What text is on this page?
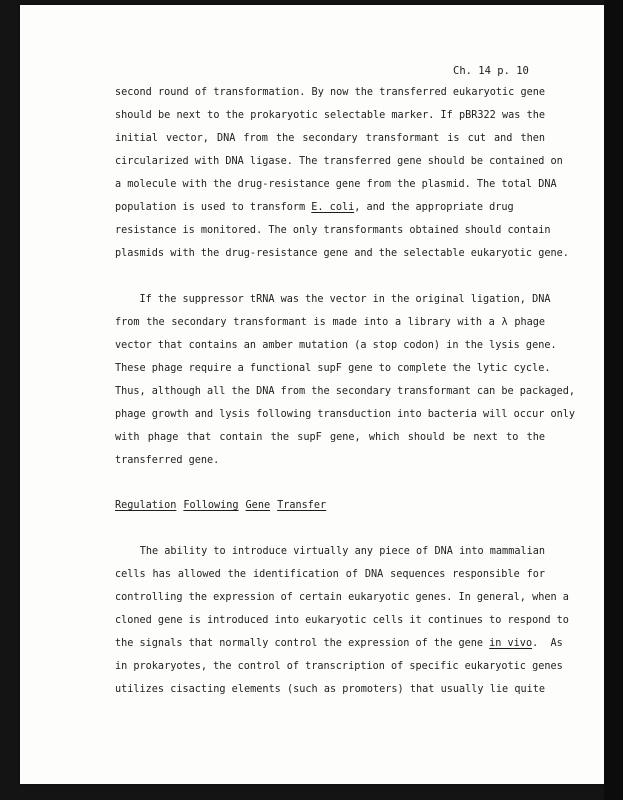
Ch. 14 p. 10
second round of transformation. By now the transferred eukaryotic gene
should be next to the prokaryotic selectable marker. If pBR322 was the
initial vector, DNA from the secondary transformant is cut and then
circularized with DNA ligase. The transferred gene should be contained on
a molecule with the drug-resistance gene from the plasmid. The total DNA
population is used to transform E. coli, and the appropriate drug
resistance is monitored. The only transformants obtained should contain
plasmids with the drug-resistance gene and the selectable eukaryotic gene.
If the suppressor tRNA was the vector in the original ligation, DNA
from the secondary transformant is made into a library with a λ phage
vector that contains an amber mutation (a stop codon) in the lysis gene.
These phage require a functional supF gene to complete the lytic cycle.
Thus, although all the DNA from the secondary transformant can be packaged,
phage growth and lysis following transduction into bacteria will occur only
with phage that contain the supF gene, which should be next to the
transferred gene.
Regulation Following Gene Transfer
The ability to introduce virtually any piece of DNA into mammalian
cells has allowed the identification of DNA sequences responsible for
controlling the expression of certain eukaryotic genes. In general, when a
cloned gene is introduced into eukaryotic cells it continues to respond to
the signals that normally control the expression of the gene in vivo.  As
in prokaryotes, the control of transcription of specific eukaryotic genes
utilizes cisacting elements (such as promoters) that usually lie quite
